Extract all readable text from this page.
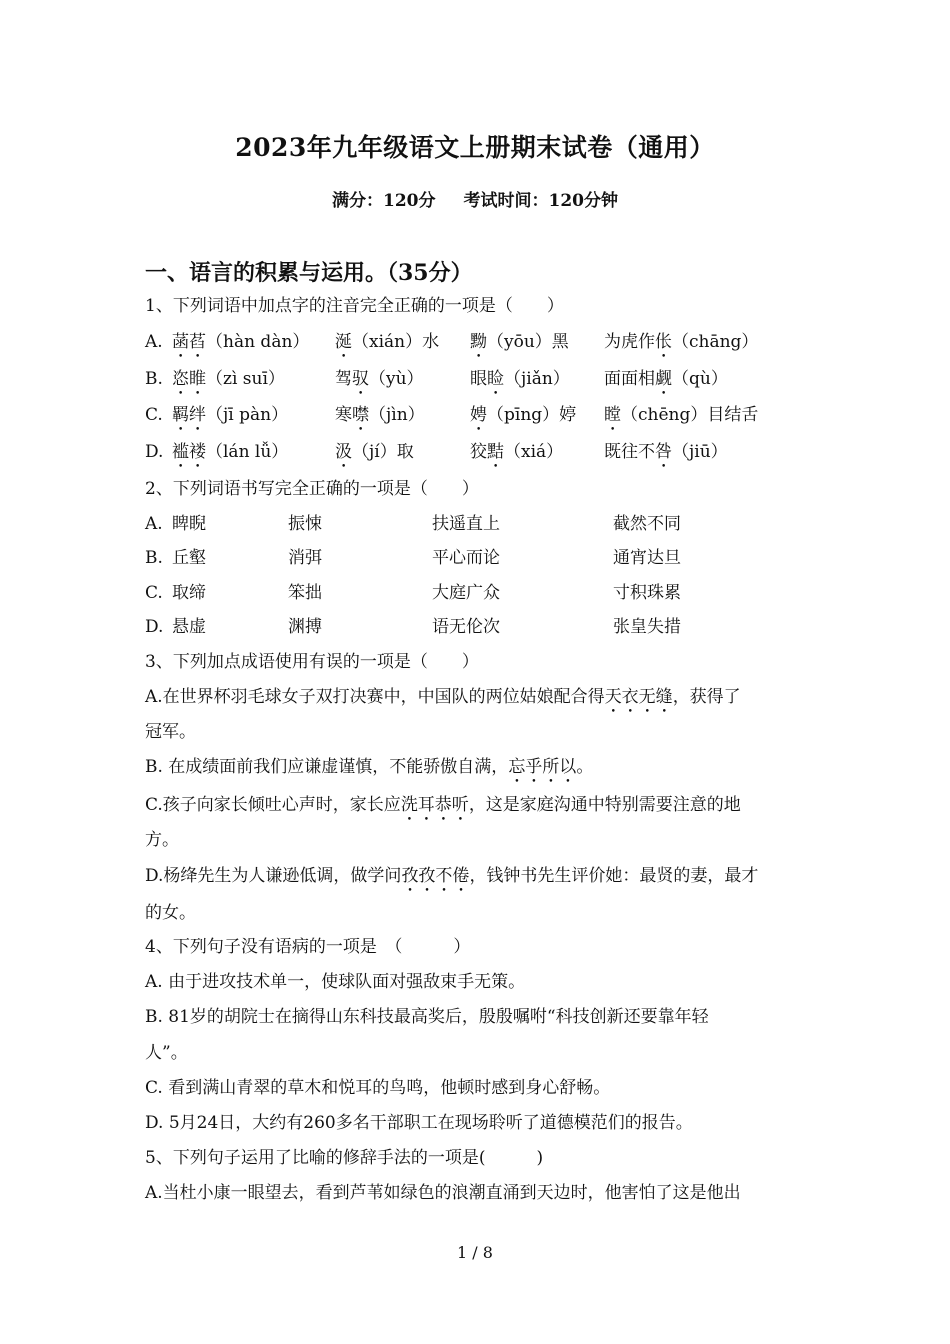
2023年九年级语文上册期末试卷（通用）
满分：120分 考试时间：120分钟
一、语言的积累与运用。（35分）
1、下列词语中加点字的注音完全正确的一项是（　　）
A. 菡萏（hàn dàn） 涎（xián）水 黝（yōu）黑 为虎作伥（chāng）
B. 恣睢（zì suī）	驾驭（yù）	眼睑（jiǎn） 面面相觑（qù）
C. 羁绊（jī pàn）	寒噤（jìn）	娉（pīng）婷 瞠（chēng）目结舌
D. 褴褛（lán lǚ）	汲（jí）取	狡黠（xiá） 既往不咎（jiū）
2、下列词语书写完全正确的一项是（　　）
A. 睥睨	振悚	扶遥直上	截然不同
B. 丘壑	消弭	平心而论	通宵达旦
C. 取缔	笨拙	大庭广众	寸积珠累
D. 悬虚	渊搏	语无伦次	张皇失措
3、下列加点成语使用有误的一项是（　　）
A.在世界杯羽毛球女子双打决赛中，中国队的两位姑娘配合得天衣无缝，获得了
冠军。
B. 在成绩面前我们应谦虚谨慎，不能骄傲自满，忘乎所以。
C.孩子向家长倾吐心声时，家长应洗耳恭听，这是家庭沟通中特别需要注意的地
方。
D.杨绛先生为人谦逊低调，做学问孜孜不倦，钱钟书先生评价她：最贤的妻，最才
的女。
4、下列句子没有语病的一项是　（　　　）
A. 由于进攻技术单一，使球队面对强敌束手无策。
B. 81岁的胡院士在摘得山东科技最高奖后，殷殷嘱咐“科技创新还要靠年轻
人”。
C. 看到满山青翠的草木和悦耳的鸟鸣，他顿时感到身心舒畅。
D. 5月24日，大约有260多名干部职工在现场聆听了道德模范们的报告。
5、下列句子运用了比喻的修辞手法的一项是(　　　)
A.当杜小康一眼望去，看到芦苇如绿色的浪潮直涌到天边时，他害怕了这是他出
1 / 8
